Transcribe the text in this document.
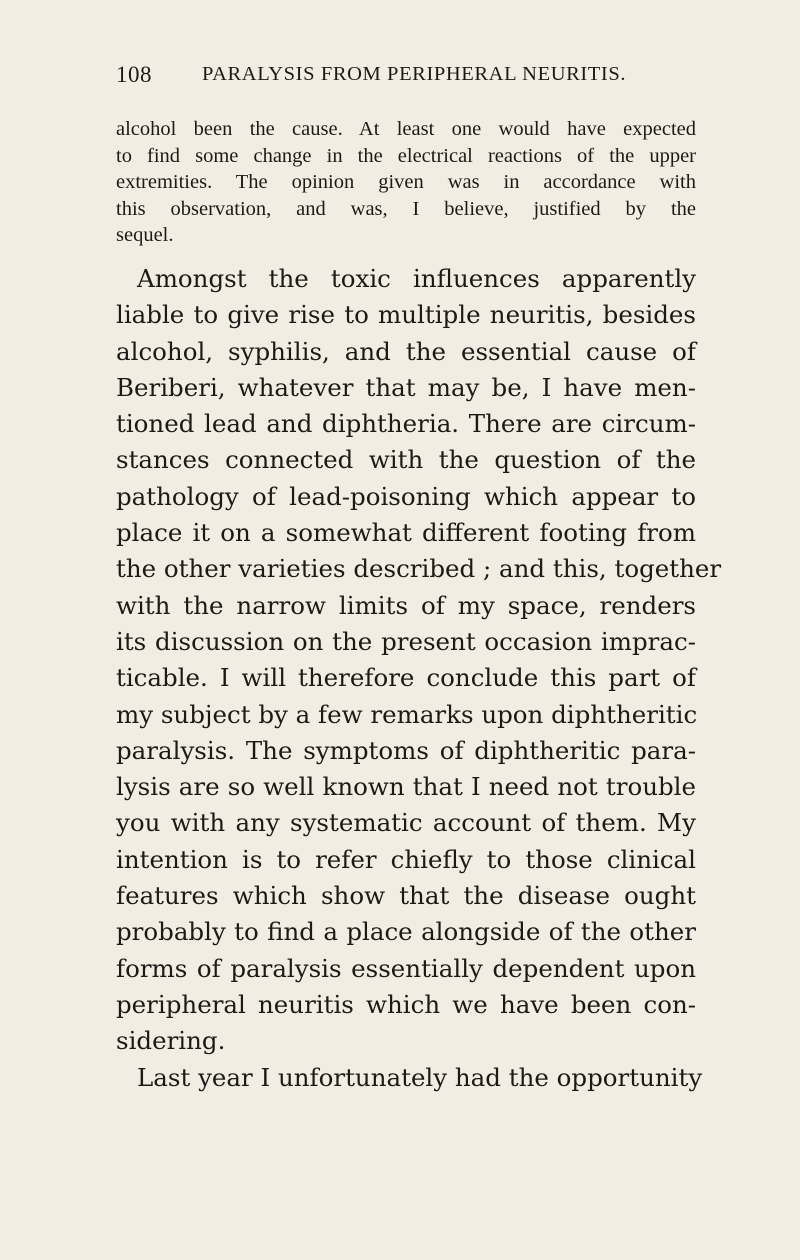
108 PARALYSIS FROM PERIPHERAL NEURITIS.
alcohol been the cause. At least one would have expected
to find some change in the electrical reactions of the upper
extremities. The opinion given was in accordance with
this observation, and was, I believe, justified by the
sequel.
Amongst the toxic influences apparently
liable to give rise to multiple neuritis, besides
alcohol, syphilis, and the essential cause of
Beriberi, whatever that may be, I have men-
tioned lead and diphtheria. There are circum-
stances connected with the question of the
pathology of lead-poisoning which appear to
place it on a somewhat different footing from
the other varieties described ; and this, together
with the narrow limits of my space, renders
its discussion on the present occasion imprac-
ticable. I will therefore conclude this part of
my subject by a few remarks upon diphtheritic
paralysis. The symptoms of diphtheritic para-
lysis are so well known that I need not trouble
you with any systematic account of them. My
intention is to refer chiefly to those clinical
features which show that the disease ought
probably to find a place alongside of the other
forms of paralysis essentially dependent upon
peripheral neuritis which we have been con-
sidering.
Last year I unfortunately had the opportunity
